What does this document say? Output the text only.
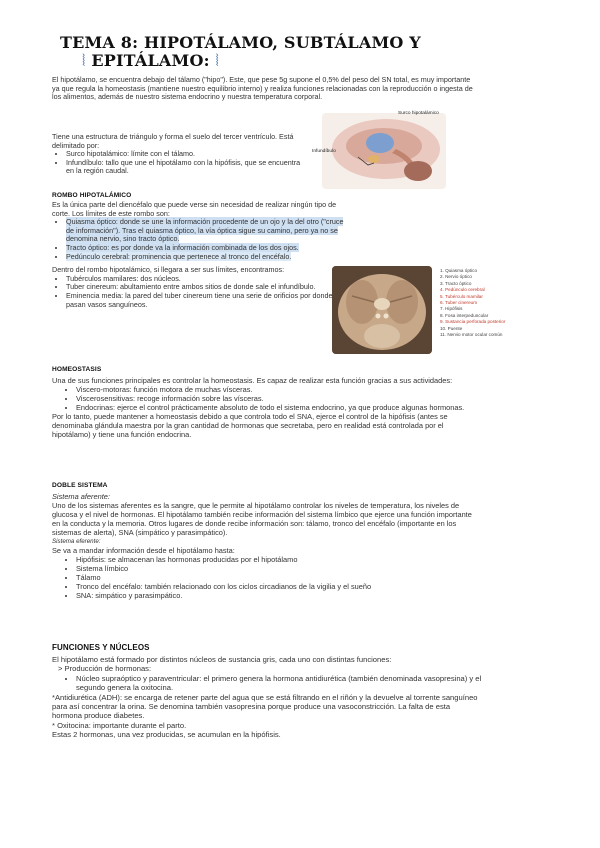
TEMA 8: HIPOTÁLAMO, SUBTÁLAMO Y
⦚ EPITÁLAMO: ⦚
El hipotálamo, se encuentra debajo del tálamo ("hipo"). Este, que pese 5g supone el 0,5% del peso del SN total, es muy importante ya que regula la homeostasis (mantiene nuestro equilibrio interno) y realiza funciones relacionadas con la reproducción o ingesta de los alimentos, además de nuestro sistema endocrino y nuestra temperatura corporal.
Surco hipotalámico
Infundíbulo
Tiene una estructura de triángulo y forma el suelo del tercer ventrículo. Está delimitado por:
• Surco hipotalámico: límite con el tálamo.
• Infundíbulo: tallo que une el hipotálamo con la hipófisis, que se encuentra en la región caudal.
ROMBO HIPOTALÁMICO
Es la única parte del diencéfalo que puede verse sin necesidad de realizar ningún tipo de corte. Los límites de este rombo son:
• Quiasma óptico: donde se une la información procedente de un ojo y la del otro ("cruce de información"). Tras el quiasma óptico, la vía óptica sigue su camino, pero ya no se denomina nervio, sino tracto óptico.
• Tracto óptico: es por donde va la información combinada de los dos ojos.
• Pedúnculo cerebral: prominencia que pertenece al tronco del encéfalo.
Dentro del rombo hipotalámico, si llegara a ser sus límites, encontramos:
• Tubérculos mamilares: dos núcleos.
• Tuber cinereum: abultamiento entre ambos sitios de donde sale el infundíbulo.
• Eminencia media: la pared del tuber cinereum tiene una serie de orificios por donde pasan vasos sanguíneos.
1. Quiasma óptico
2. Nervio óptico
3. Tracto óptico
4. Pedúnculo cerebral
5. Tubérculo mamilar
6. Tuber cinereum
7. Hipófisis
8. Fosa interpeduncular
9. Sustancia perforada posterior
10. Puente
11. Nervio motor ocular común
HOMEOSTASIS
Una de sus funciones principales es controlar la homeostasis. Es capaz de realizar esta función gracias a sus actividades:
• Viscero-motoras: función motora de muchas vísceras.
• Viscerosensitivas: recoge información sobre las vísceras.
• Endocrinas: ejerce el control prácticamente absoluto de todo el sistema endocrino, ya que produce algunas hormonas.
Por lo tanto, puede mantener a homeostasis debido a que controla todo el SNA, ejerce el control de la hipófisis (antes se denominaba glándula maestra por la gran cantidad de hormonas que secretaba, pero en realidad está controlada por el hipotálamo) y tiene una función endocrina.
DOBLE SISTEMA
Sistema aferente:
Uno de los sistemas aferentes es la sangre, que le permite al hipotálamo controlar los niveles de temperatura, los niveles de glucosa y el nivel de hormonas. El hipotálamo también recibe información del sistema límbico que ejerce una función importante en la conducta y la memoria. Otros lugares de donde recibe información son: tálamo, tronco del encéfalo (importante en los sistemas de alerta), SNA (simpático y parasimpático).
Sistema eferente:
Se va a mandar información desde el hipotálamo hasta:
• Hipófisis: se almacenan las hormonas producidas por el hipotálamo
• Sistema límbico
• Tálamo
• Tronco del encéfalo: también relacionado con los ciclos circadianos de la vigilia y el sueño
• SNA: simpático y parasimpático.
FUNCIONES Y NÚCLEOS
El hipotálamo está formado por distintos núcleos de sustancia gris, cada uno con distintas funciones:
> Producción de hormonas:
• Núcleo supraóptico y paraventricular: el primero genera la hormona antidiurética (también denominada vasopresina) y el segundo genera la oxitocina.
*Antidiurética (ADH): se encarga de retener parte del agua que se está filtrando en el riñón y la devuelve al torrente sanguíneo para así concentrar la orina. Se denomina también vasopresina porque produce una vasoconstricción. La falta de esta hormona produce diabetes.
* Oxitocina: importante durante el parto.
Estas 2 hormonas, una vez producidas, se acumulan en la hipófisis.
